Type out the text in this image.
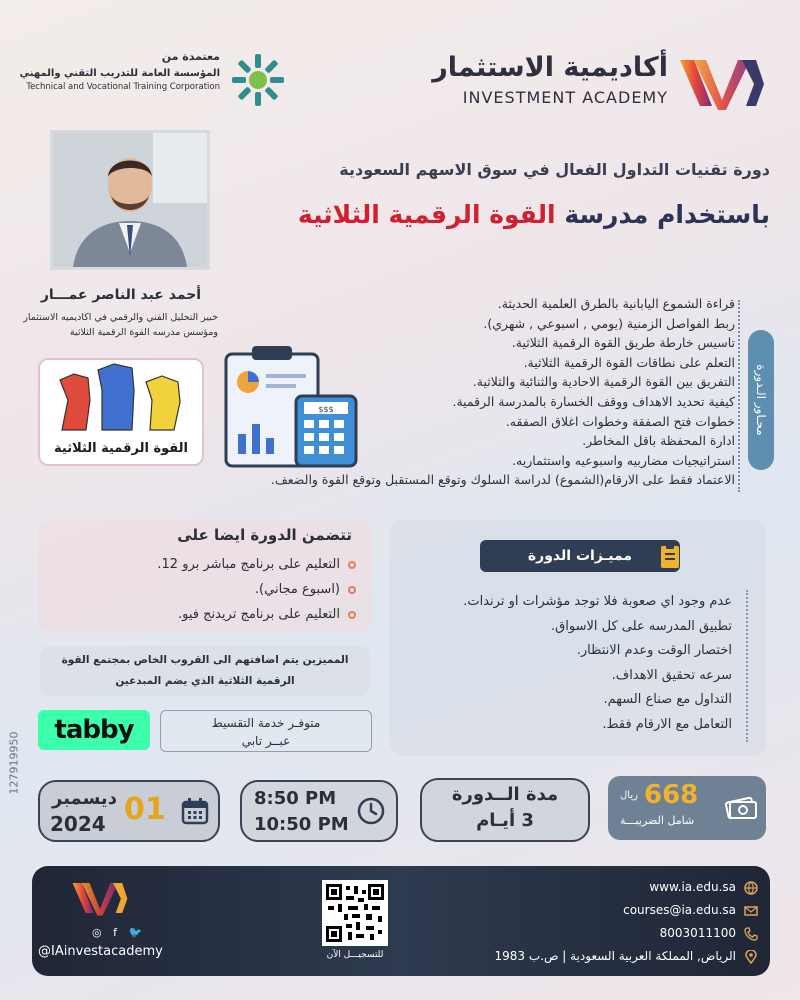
أكاديمية الاستثمار
INVESTMENT ACADEMY
معتمدة من
المؤسسة العامة للتدريب التقني والمهني
Technical and Vocational Training Corporation
أحمد عبد الناصر عمـــار
خبير التحليل الفني والرقمي في اكاديميه الاستثمار
ومؤسس مدرسه القوة الرقمية الثلاثية
دورة تقنيات التداول الفعال في سوق الاسهم السعودية
باستخدام مدرسة القوة الرقمية الثلاثية
محـاور الـدورة
قراءة الشموع اليابانية بالطرق العلمية الحديثة.
ربط الفواصل الزمنية (يومي , اسبوعي , شهري).
تاسيس خارطة طريق القوة الرقمية الثلاثية.
التعلم على نطاقات القوة الرقمية الثلاثية.
التفريق بين القوة الرقمية الاحادية والثنائية والثلاثية.
كيفية تحديد الاهداف ووقف الخسارة بالمدرسة الرقمية.
خطوات فتح الصفقة وخطوات اغلاق الصفقه.
ادارة المحفظة باقل المخاطر.
استراتيجيات مضاربيه واسبوعيه واستثماريه.
الاعتماد فقط على الارقام(الشموع) لدراسة السلوك وتوقع المستقبل وتوقع القوة والضعف.
القوة الرقمية الثلاثية
$$$
تتضمن الدورة ايضا على
التعليم على برنامج مباشر برو 12.
(اسبوع مجاني).
التعليم على برنامج تريدنج فيو.
المميزين يتم اضافتهم الى القروب الخاص بمجتمع القوة
الرقمية الثلاثية الذي يضم المبدعين
tabby	متوفـر خدمة التقسيط
عبــر تابي
مميـزات الدورة
عدم وجود اي صعوبة فلا توجد مؤشرات او ترندات.
تطبيق المدرسه على كل الاسواق.
اختصار الوقت وعدم الانتظار.
سرعه تحقيق الاهداف.
التداول مع صناع السهم.
التعامل مع الارقام فقط.
127919950
ديسمبر
2024 01	8:50 PM
10:50 PM
مدة الــدورة
3 أيـام
668
ريال
شامل الضريبـــة
◎ f 🐦
@IAinvestacademy	للتسجيـــل الآن
www.ia.edu.sa
courses@ia.edu.sa
8003011100
الرياض, المملكة العربية السعودية | ص.ب 1983
